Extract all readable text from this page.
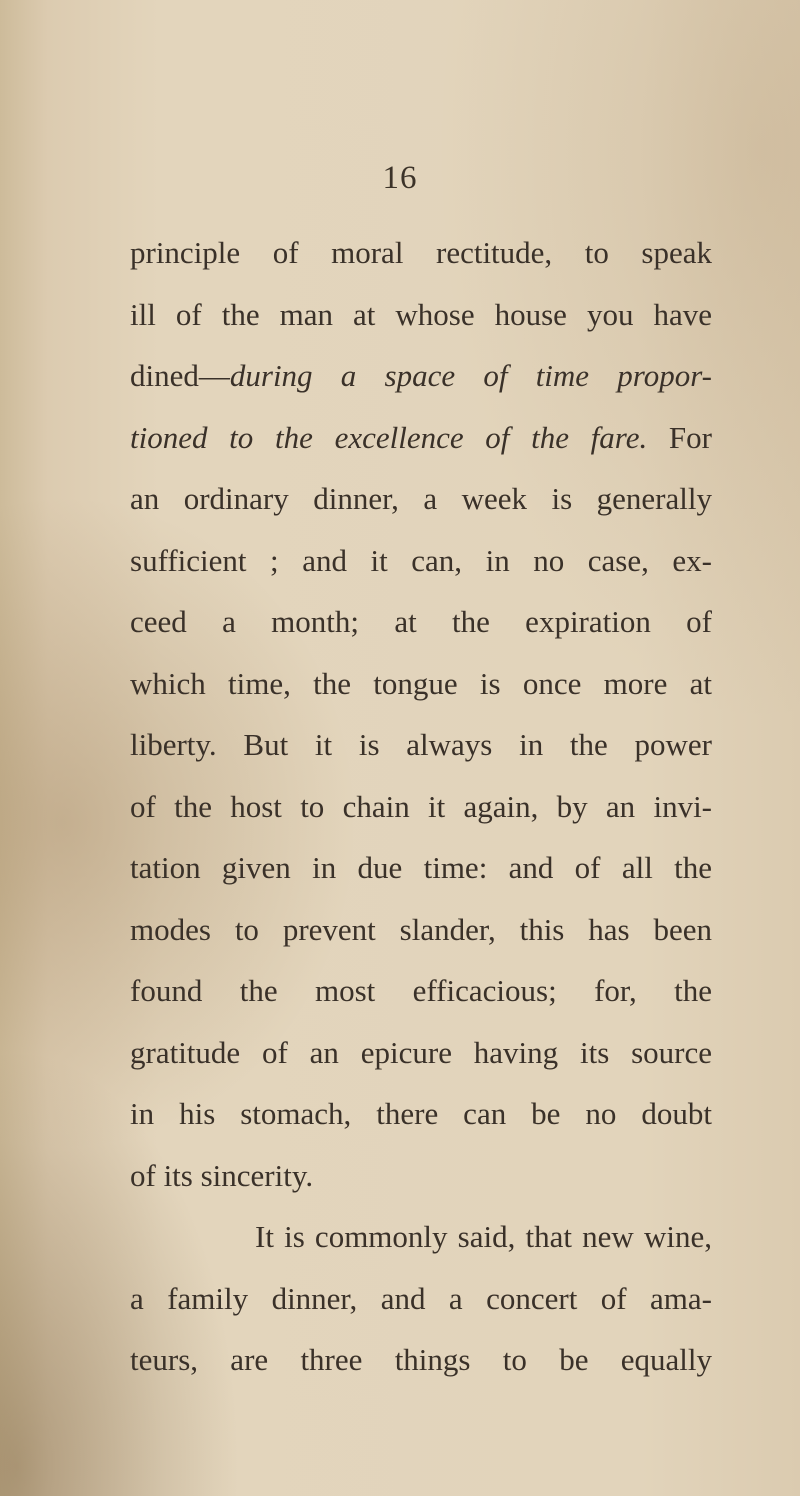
16
principle of moral rectitude, to speak
ill of the man at whose house you have
dined—during a space of time propor-
tioned to the excellence of the fare. For
an ordinary dinner, a week is generally
sufficient ; and it can, in no case, ex-
ceed a month; at the expiration of
which time, the tongue is once more at
liberty. But it is always in the power
of the host to chain it again, by an invi-
tation given in due time: and of all the
modes to prevent slander, this has been
found the most efficacious; for, the
gratitude of an epicure having its source
in his stomach, there can be no doubt
of its sincerity.
It is commonly said, that new wine,
a family dinner, and a concert of ama-
teurs, are three things to be equally
